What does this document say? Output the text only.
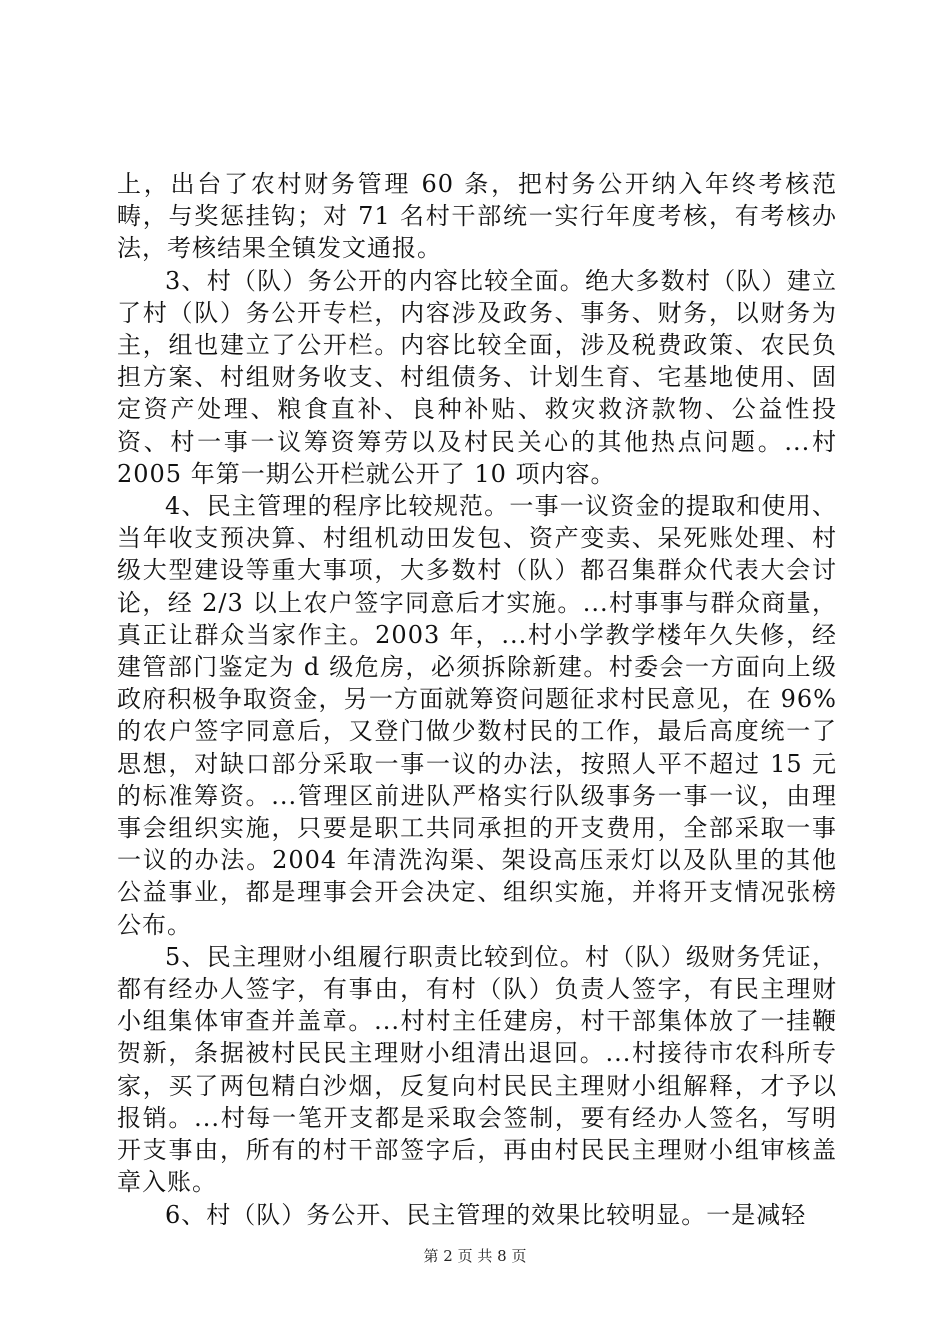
上，出台了农村财务管理 60 条，把村务公开纳入年终考核范畴，与奖惩挂钩；对 71 名村干部统一实行年度考核，有考核办法，考核结果全镇发文通报。

3、村（队）务公开的内容比较全面。绝大多数村（队）建立了村（队）务公开专栏，内容涉及政务、事务、财务，以财务为主，组也建立了公开栏。内容比较全面，涉及税费政策、农民负担方案、村组财务收支、村组债务、计划生育、宅基地使用、固定资产处理、粮食直补、良种补贴、救灾救济款物、公益性投资、村一事一议筹资筹劳以及村民关心的其他热点问题。...村 2005 年第一期公开栏就公开了 10 项内容。

4、民主管理的程序比较规范。一事一议资金的提取和使用、当年收支预决算、村组机动田发包、资产变卖、呆死账处理、村级大型建设等重大事项，大多数村（队）都召集群众代表大会讨论，经 2/3 以上农户签字同意后才实施。...村事事与群众商量，真正让群众当家作主。2003 年，...村小学教学楼年久失修，经建管部门鉴定为 d 级危房，必须拆除新建。村委会一方面向上级政府积极争取资金，另一方面就筹资问题征求村民意见，在 96%的农户签字同意后，又登门做少数村民的工作，最后高度统一了思想，对缺口部分采取一事一议的办法，按照人平不超过 15 元的标准筹资。...管理区前进队严格实行队级事务一事一议，由理事会组织实施，只要是职工共同承担的开支费用，全部采取一事一议的办法。2004 年清洗沟渠、架设高压汞灯以及队里的其他公益事业，都是理事会开会决定、组织实施，并将开支情况张榜公布。

5、民主理财小组履行职责比较到位。村（队）级财务凭证，都有经办人签字，有事由，有村（队）负责人签字，有民主理财小组集体审查并盖章。...村村主任建房，村干部集体放了一挂鞭贺新，条据被村民民主理财小组清出退回。...村接待市农科所专家，买了两包精白沙烟，反复向村民民主理财小组解释，才予以报销。...村每一笔开支都是采取会签制，要有经办人签名，写明开支事由，所有的村干部签字后，再由村民民主理财小组审核盖章入账。

6、村（队）务公开、民主管理的效果比较明显。一是减轻

第 2 页 共 8 页
